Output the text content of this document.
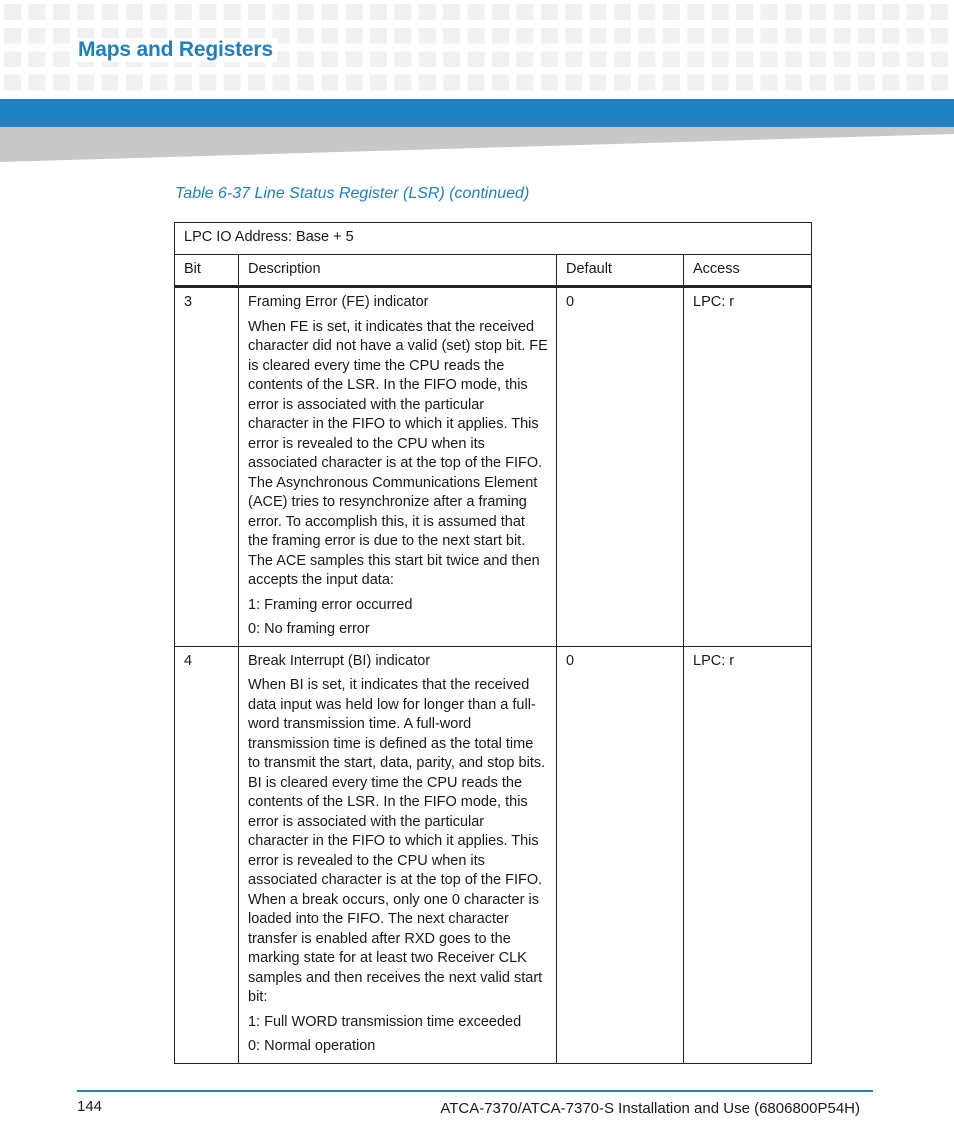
Maps and Registers
Table 6-37 Line Status Register (LSR) (continued)
LPC IO Address: Base + 5			
Bit	Description	Default	Access
3	Framing Error (FE) indicator
When FE is set, it indicates that the received character did not have a valid (set) stop bit. FE is cleared every time the CPU reads the contents of the LSR. In the FIFO mode, this error is associated with the particular character in the FIFO to which it applies. This error is revealed to the CPU when its associated character is at the top of the FIFO. The Asynchronous Communications Element (ACE) tries to resynchronize after a framing error. To accomplish this, it is assumed that the framing error is due to the next start bit. The ACE samples this start bit twice and then accepts the input data:
1: Framing error occurred
0: No framing error	0	LPC: r
4	Break Interrupt (BI) indicator
When BI is set, it indicates that the received data input was held low for longer than a full-word transmission time. A full-word transmission time is defined as the total time to transmit the start, data, parity, and stop bits. BI is cleared every time the CPU reads the contents of the LSR. In the FIFO mode, this error is associated with the particular character in the FIFO to which it applies. This error is revealed to the CPU when its associated character is at the top of the FIFO. When a break occurs, only one 0 character is loaded into the FIFO. The next character transfer is enabled after RXD goes to the marking state for at least two Receiver CLK samples and then receives the next valid start bit:
1: Full WORD transmission time exceeded
0: Normal operation	0	LPC: r
144	ATCA-7370/ATCA-7370-S Installation and Use (6806800P54H)
